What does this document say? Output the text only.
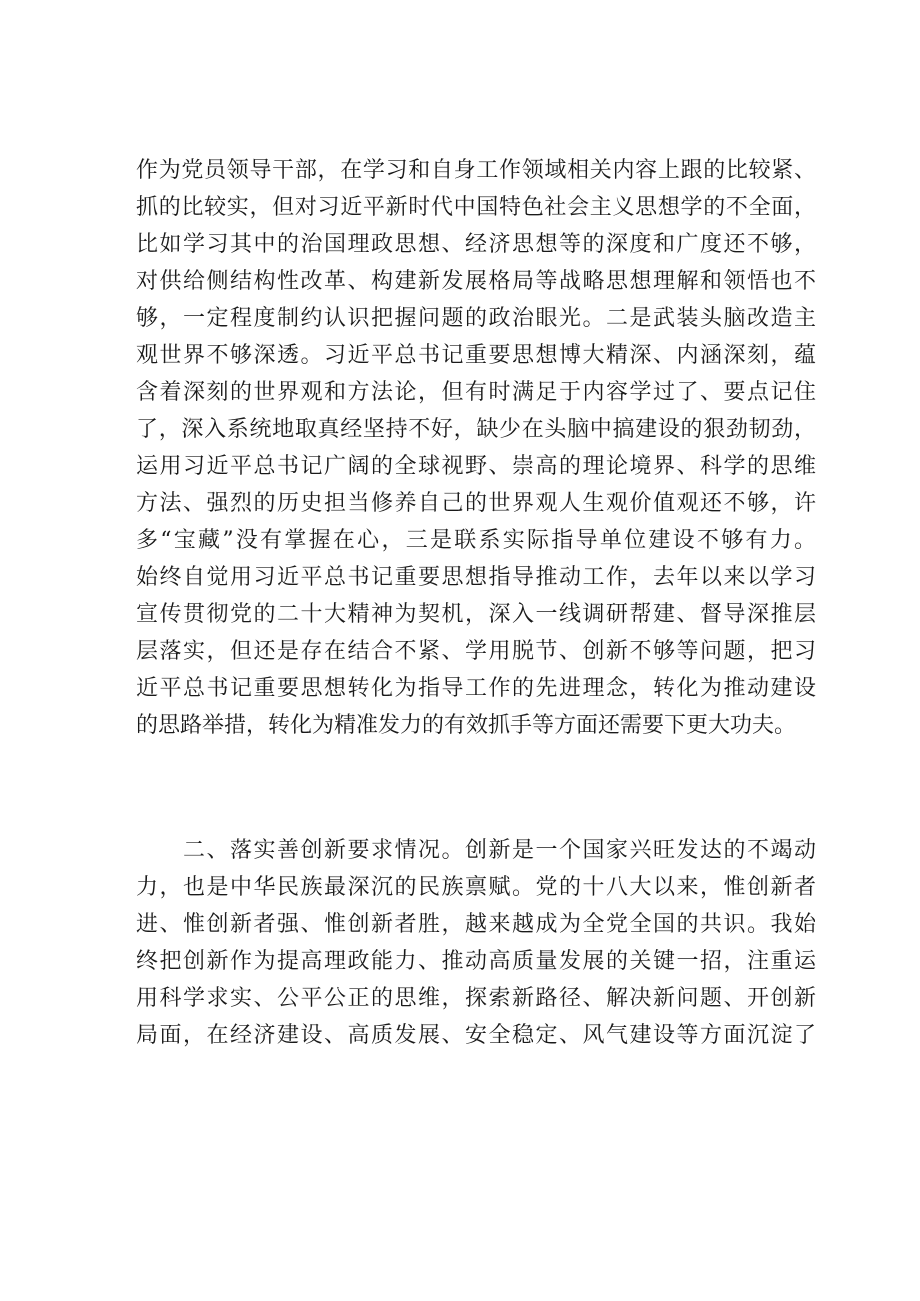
作为党员领导干部，在学习和自身工作领域相关内容上跟的比较紧、
抓的比较实，但对习近平新时代中国特色社会主义思想学的不全面，
比如学习其中的治国理政思想、经济思想等的深度和广度还不够，
对供给侧结构性改革、构建新发展格局等战略思想理解和领悟也不
够，一定程度制约认识把握问题的政治眼光。二是武装头脑改造主
观世界不够深透。习近平总书记重要思想博大精深、内涵深刻，蕴
含着深刻的世界观和方法论，但有时满足于内容学过了、要点记住
了，深入系统地取真经坚持不好，缺少在头脑中搞建设的狠劲韧劲，
运用习近平总书记广阔的全球视野、崇高的理论境界、科学的思维
方法、强烈的历史担当修养自己的世界观人生观价值观还不够，许
多“宝藏”没有掌握在心，三是联系实际指导单位建设不够有力。
始终自觉用习近平总书记重要思想指导推动工作，去年以来以学习
宣传贯彻党的二十大精神为契机，深入一线调研帮建、督导深推层
层落实，但还是存在结合不紧、学用脱节、创新不够等问题，把习
近平总书记重要思想转化为指导工作的先进理念，转化为推动建设
的思路举措，转化为精准发力的有效抓手等方面还需要下更大功夫。
　　二、落实善创新要求情况。创新是一个国家兴旺发达的不竭动
力，也是中华民族最深沉的民族禀赋。党的十八大以来，惟创新者
进、惟创新者强、惟创新者胜，越来越成为全党全国的共识。我始
终把创新作为提高理政能力、推动高质量发展的关键一招，注重运
用科学求实、公平公正的思维，探索新路径、解决新问题、开创新
局面，在经济建设、高质发展、安全稳定、风气建设等方面沉淀了
